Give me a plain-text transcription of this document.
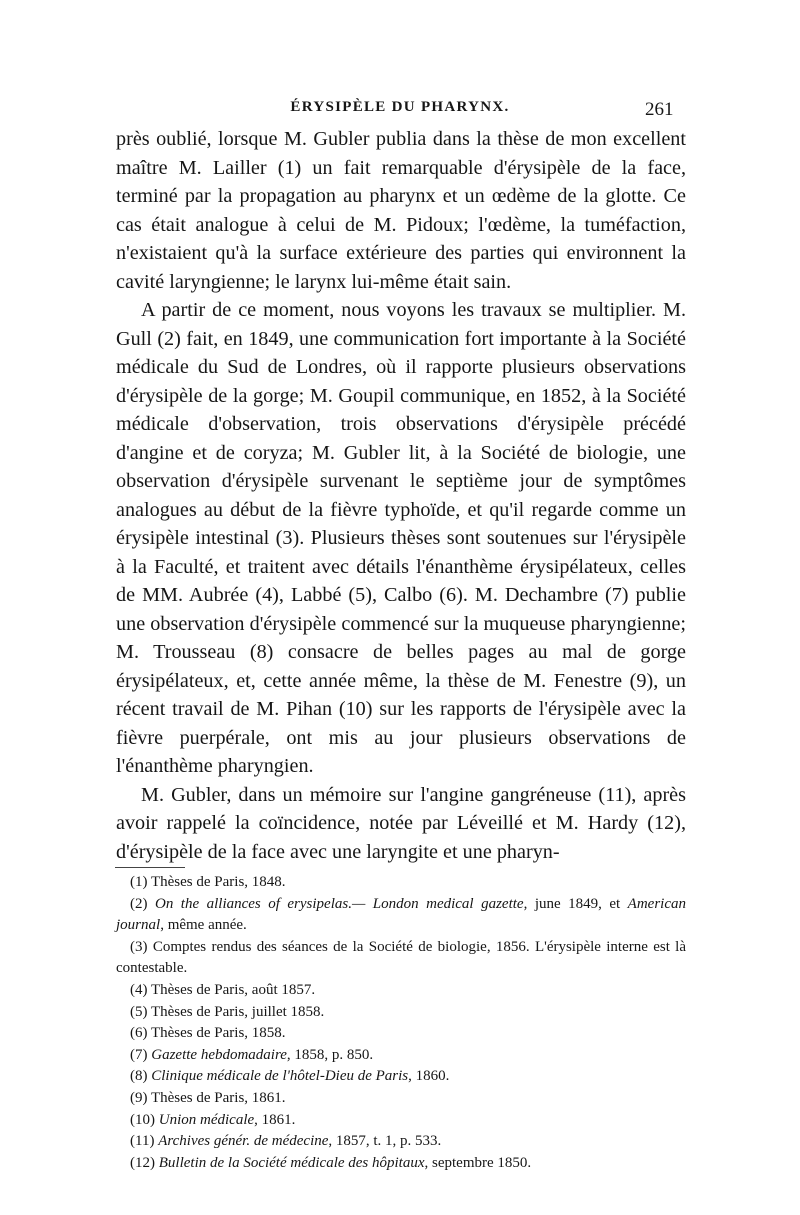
ÉRYSIPÈLE DU PHARYNX.	261

près oublié, lorsque M. Gubler publia dans la thèse de mon excellent maître M. Lailler (1) un fait remarquable d'érysipèle de la face, terminé par la propagation au pharynx et un œdème de la glotte. Ce cas était analogue à celui de M. Pidoux; l'œdème, la tuméfaction, n'existaient qu'à la surface extérieure des parties qui environnent la cavité laryngienne; le larynx lui-même était sain.

A partir de ce moment, nous voyons les travaux se multiplier. M. Gull (2) fait, en 1849, une communication fort importante à la Société médicale du Sud de Londres, où il rapporte plusieurs observations d'érysipèle de la gorge; M. Goupil communique, en 1852, à la Société médicale d'observation, trois observations d'érysipèle précédé d'angine et de coryza; M. Gubler lit, à la Société de biologie, une observation d'érysipèle survenant le septième jour de symptômes analogues au début de la fièvre typhoïde, et qu'il regarde comme un érysipèle intestinal (3). Plusieurs thèses sont soutenues sur l'érysipèle à la Faculté, et traitent avec détails l'énanthème érysipélateux, celles de MM. Aubrée (4), Labbé (5), Calbo (6). M. Dechambre (7) publie une observation d'érysipèle commencé sur la muqueuse pharyngienne; M. Trousseau (8) consacre de belles pages au mal de gorge érysipélateux, et, cette année même, la thèse de M. Fenestre (9), un récent travail de M. Pihan (10) sur les rapports de l'érysipèle avec la fièvre puerpérale, ont mis au jour plusieurs observations de l'énanthème pharyngien.

M. Gubler, dans un mémoire sur l'angine gangréneuse (11), après avoir rappelé la coïncidence, notée par Léveillé et M. Hardy (12), d'érysipèle de la face avec une laryngite et une pharyn-

(1) Thèses de Paris, 1848.

(2) On the alliances of erysipelas.— London medical gazette, june 1849, et American journal, même année.

(3) Comptes rendus des séances de la Société de biologie, 1856. L'érysipèle interne est là contestable.

(4) Thèses de Paris, août 1857.

(5) Thèses de Paris, juillet 1858.

(6) Thèses de Paris, 1858.

(7) Gazette hebdomadaire, 1858, p. 850.

(8) Clinique médicale de l'hôtel-Dieu de Paris, 1860.

(9) Thèses de Paris, 1861.

(10) Union médicale, 1861.

(11) Archives génér. de médecine, 1857, t. 1, p. 533.

(12) Bulletin de la Société médicale des hôpitaux, septembre 1850.
